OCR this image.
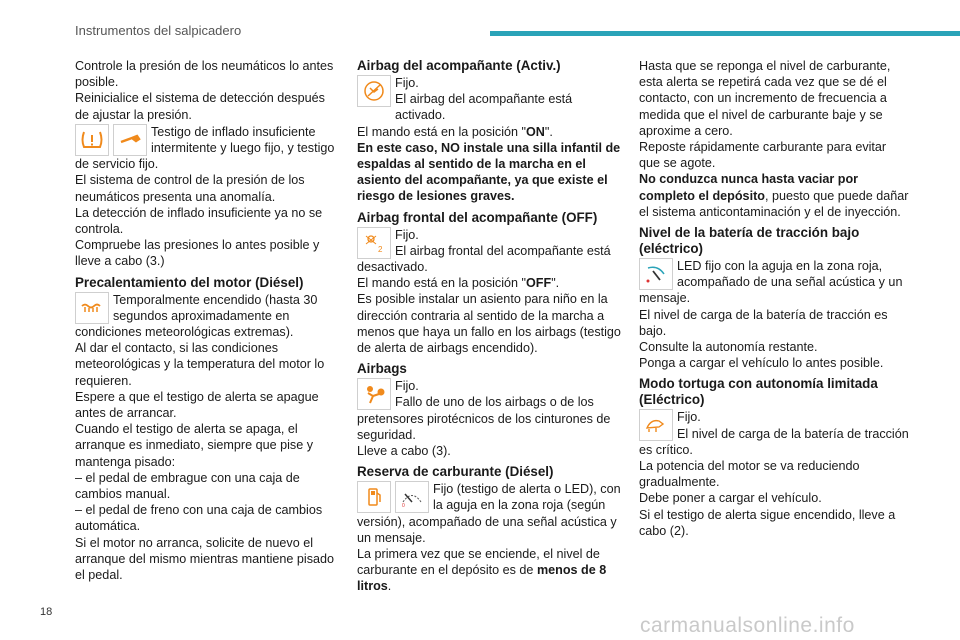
Instrumentos del salpicadero

Controle la presión de los neumáticos lo antes posible.

Reinicialice el sistema de detección después de ajustar la presión.

Testigo de inflado insuficiente intermitente y luego fijo, y testigo

de servicio fijo.

El sistema de control de la presión de los neumáticos presenta una anomalía.

La detección de inflado insuficiente ya no se controla.

Compruebe las presiones lo antes posible y lleve a cabo (3.)

Precalentamiento del motor (Diésel)

Temporalmente encendido (hasta 30 segundos aproximadamente en

condiciones meteorológicas extremas).

Al dar el contacto, si las condiciones meteorológicas y la temperatura del motor lo requieren.

Espere a que el testigo de alerta se apague antes de arrancar.

Cuando el testigo de alerta se apaga, el arranque es inmediato, siempre que pise y mantenga pisado:

– el pedal de embrague con una caja de cambios manual.

– el pedal de freno con una caja de cambios automática.

Si el motor no arranca, solicite de nuevo el arranque del mismo mientras mantiene pisado el pedal.

Airbag del acompañante (Activ.)

Fijo.
El airbag del acompañante está activado.

El mando está en la posición "ON".

En este caso, NO instale una silla infantil de espaldas al sentido de la marcha en el asiento del acompañante, ya que existe el riesgo de lesiones graves.

Airbag frontal del acompañante (OFF)

2
Fijo.
El airbag frontal del acompañante está

desactivado.

El mando está en la posición "OFF".

Es posible instalar un asiento para niño en la dirección contraria al sentido de la marcha a menos que haya un fallo en los airbags (testigo de alerta de airbags encendido).

Airbags

Fijo.
Fallo de uno de los airbags o de los

pretensores pirotécnicos de los cinturones de seguridad.

Lleve a cabo (3).

Reserva de carburante (Diésel)

0
Fijo (testigo de alerta o LED), con la aguja en la zona roja (según

versión), acompañado de una señal acústica y un mensaje.

La primera vez que se enciende, el nivel de carburante en el depósito es de menos de 8 litros.

Hasta que se reponga el nivel de carburante, esta alerta se repetirá cada vez que se dé el contacto, con un incremento de frecuencia a medida que el nivel de carburante baje y se aproxime a cero.

Reposte rápidamente carburante para evitar que se agote.

No conduzca nunca hasta vaciar por completo el depósito, puesto que puede dañar el sistema anticontaminación y el de inyección.

Nivel de la batería de tracción bajo (eléctrico)

LED fijo con la aguja en la zona roja, acompañado de una señal acústica y un

mensaje.

El nivel de carga de la batería de tracción es bajo.

Consulte la autonomía restante.

Ponga a cargar el vehículo lo antes posible.

Modo tortuga con autonomía limitada (Eléctrico)

Fijo.
El nivel de carga de la batería de tracción

es crítico.

La potencia del motor se va reduciendo gradualmente.

Debe poner a cargar el vehículo.

Si el testigo de alerta sigue encendido, lleve a cabo (2).

18
carmanualsonline.info
